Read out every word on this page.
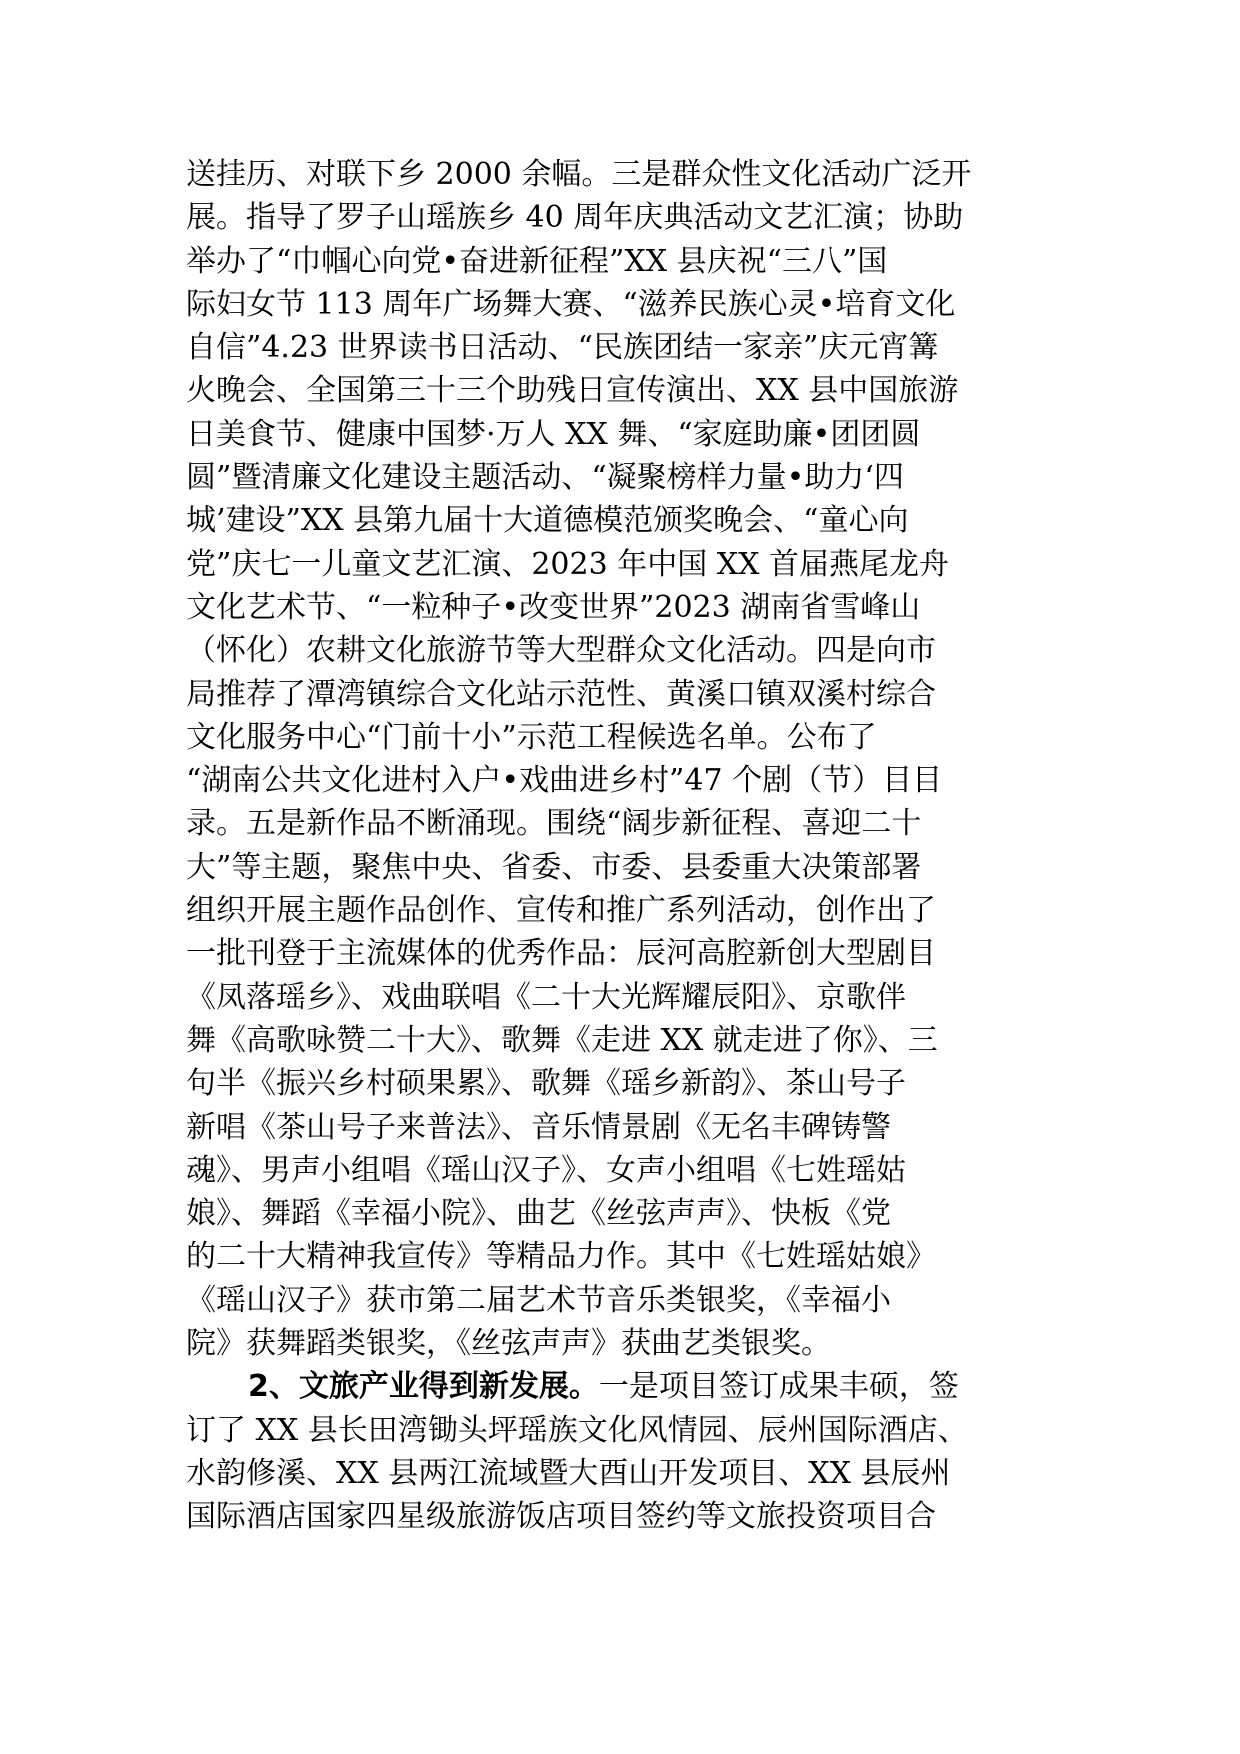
送挂历、对联下乡 2000 余幅。三是群众性文化活动广泛开
展。指导了罗子山瑶族乡 40 周年庆典活动文艺汇演；协助
举办了“巾帼心向党•奋进新征程”XX 县庆祝“三八”国
际妇女节 113 周年广场舞大赛、“滋养民族心灵•培育文化
自信”4.23 世界读书日活动、“民族团结一家亲”庆元宵篝
火晚会、全国第三十三个助残日宣传演出、XX 县中国旅游
日美食节、健康中国梦·万人 XX 舞、“家庭助廉•团团圆
圆”暨清廉文化建设主题活动、“凝聚榜样力量•助力‘四
城’建设”XX 县第九届十大道德模范颁奖晚会、“童心向
党”庆七一儿童文艺汇演、2023 年中国 XX 首届燕尾龙舟
文化艺术节、“一粒种子•改变世界”2023 湖南省雪峰山
（怀化）农耕文化旅游节等大型群众文化活动。四是向市
局推荐了潭湾镇综合文化站示范性、黄溪口镇双溪村综合
文化服务中心“门前十小”示范工程候选名单。公布了
“湖南公共文化进村入户•戏曲进乡村”47 个剧（节）目目
录。五是新作品不断涌现。围绕“阔步新征程、喜迎二十
大”等主题，聚焦中央、省委、市委、县委重大决策部署
组织开展主题作品创作、宣传和推广系列活动，创作出了
一批刊登于主流媒体的优秀作品：辰河高腔新创大型剧目
《凤落瑶乡》、戏曲联唱《二十大光辉耀辰阳》、京歌伴
舞《高歌咏赞二十大》、歌舞《走进 XX 就走进了你》、三
句半《振兴乡村硕果累》、歌舞《瑶乡新韵》、茶山号子
新唱《茶山号子来普法》、音乐情景剧《无名丰碑铸警
魂》、男声小组唱《瑶山汉子》、女声小组唱《七姓瑶姑
娘》、舞蹈《幸福小院》、曲艺《丝弦声声》、快板《党
的二十大精神我宣传》等精品力作。其中《七姓瑶姑娘》
《瑶山汉子》获市第二届艺术节音乐类银奖，《幸福小
院》获舞蹈类银奖，《丝弦声声》获曲艺类银奖。
2、文旅产业得到新发展。一是项目签订成果丰硕，签
订了 XX 县长田湾锄头坪瑶族文化风情园、辰州国际酒店、
水韵修溪、XX 县两江流域暨大酉山开发项目、XX 县辰州
国际酒店国家四星级旅游饭店项目签约等文旅投资项目合
